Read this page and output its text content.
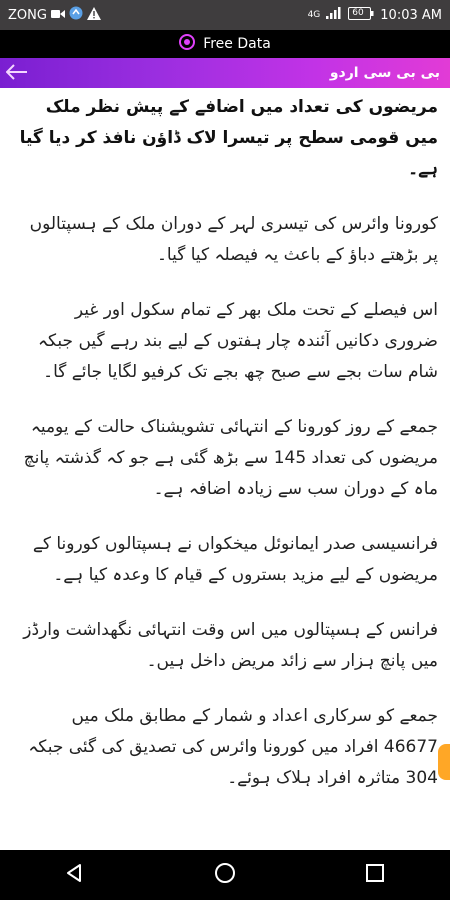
ZONG	4G	60 10:03 AM
Free Data
بی بی سی اردو

مریضوں کی تعداد میں اضافے کے پیش نظر ملک میں قومی سطح پر تیسرا لاک ڈاؤن نافذ کر دیا گیا ہے۔

کورونا وائرس کی تیسری لہر کے دوران ملک کے ہسپتالوں پر بڑھتے دباؤ کے باعث یہ فیصلہ کیا گیا۔

اس فیصلے کے تحت ملک بھر کے تمام سکول اور غیر ضروری دکانیں آئندہ چار ہفتوں کے لیے بند رہے گیں جبکہ شام سات بجے سے صبح چھ بجے تک کرفیو لگایا جائے گا۔

جمعے کے روز کورونا کے انتہائی تشویشناک حالت کے یومیہ مریضوں کی تعداد 145 سے بڑھ گئی ہے جو کہ گذشتہ پانچ ماہ کے دوران سب سے زیادہ اضافہ ہے۔

فرانسیسی صدر ایمانوئل میخکواں نے ہسپتالوں کورونا کے مریضوں کے لیے مزید بستروں کے قیام کا وعدہ کیا ہے۔

فرانس کے ہسپتالوں میں اس وقت انتہائی نگھداشت وارڈز میں پانچ ہزار سے زائد مریض داخل ہیں۔

جمعے کو سرکاری اعداد و شمار کے مطابق ملک میں 46677 افراد میں کورونا وائرس کی تصدیق کی گئی جبکہ 304 متاثرہ افراد ہلاک ہوئے۔
